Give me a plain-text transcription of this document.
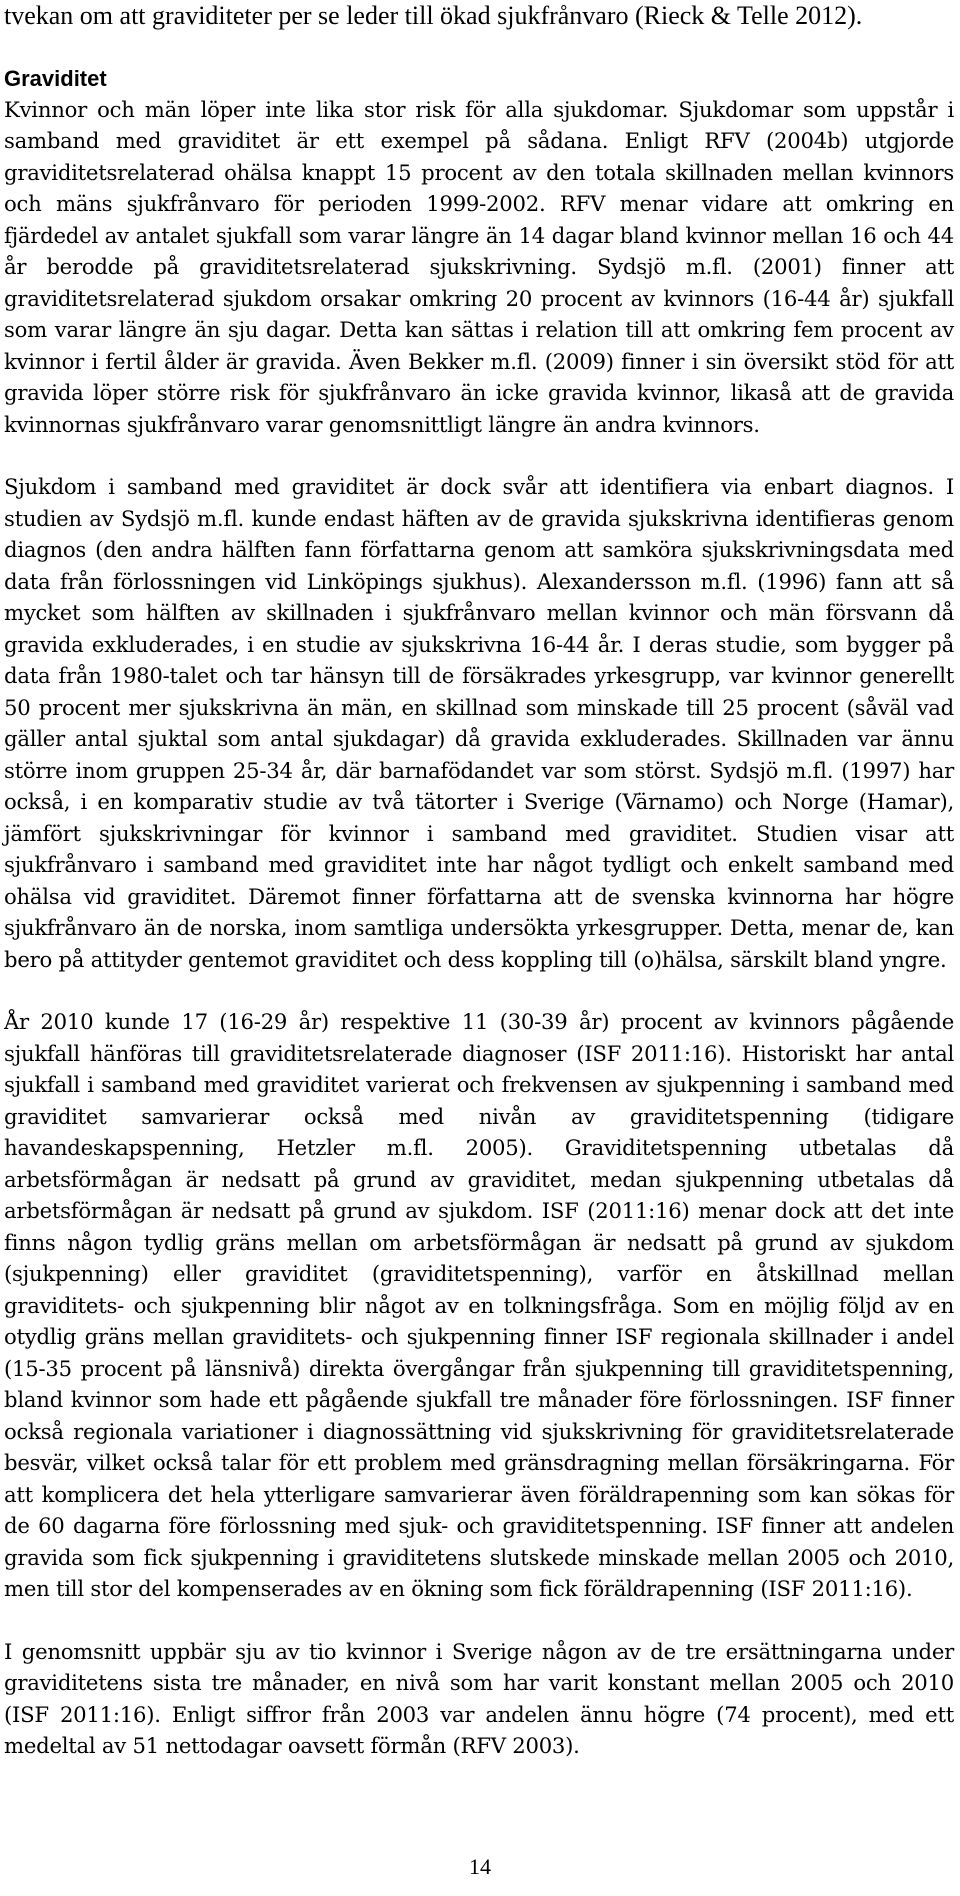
tvekan om att graviditeter per se leder till ökad sjukfrånvaro (Rieck & Telle 2012).

Graviditet

Kvinnor och män löper inte lika stor risk för alla sjukdomar. Sjukdomar som uppstår i samband med graviditet är ett exempel på sådana. Enligt RFV (2004b) utgjorde graviditetsrelaterad ohälsa knappt 15 procent av den totala skillnaden mellan kvinnors och mäns sjukfrånvaro för perioden 1999-2002. RFV menar vidare att omkring en fjärdedel av antalet sjukfall som varar längre än 14 dagar bland kvinnor mellan 16 och 44 år berodde på graviditetsrelaterad sjukskrivning. Sydsjö m.fl. (2001) finner att graviditetsrelaterad sjukdom orsakar omkring 20 procent av kvinnors (16-44 år) sjukfall som varar längre än sju dagar. Detta kan sättas i relation till att omkring fem procent av kvinnor i fertil ålder är gravida. Även Bekker m.fl. (2009) finner i sin översikt stöd för att gravida löper större risk för sjukfrånvaro än icke gravida kvinnor, likaså att de gravida kvinnornas sjukfrånvaro varar genomsnittligt längre än andra kvinnors.

Sjukdom i samband med graviditet är dock svår att identifiera via enbart diagnos. I studien av Sydsjö m.fl. kunde endast häften av de gravida sjukskrivna identifieras genom diagnos (den andra hälften fann författarna genom att samköra sjukskrivningsdata med data från förlossningen vid Linköpings sjukhus). Alexandersson m.fl. (1996) fann att så mycket som hälften av skillnaden i sjukfrånvaro mellan kvinnor och män försvann då gravida exkluderades, i en studie av sjukskrivna 16-44 år. I deras studie, som bygger på data från 1980-talet och tar hänsyn till de försäkrades yrkesgrupp, var kvinnor generellt 50 procent mer sjukskrivna än män, en skillnad som minskade till 25 procent (såväl vad gäller antal sjuktal som antal sjukdagar) då gravida exkluderades. Skillnaden var ännu större inom gruppen 25-34 år, där barnafödandet var som störst. Sydsjö m.fl. (1997) har också, i en komparativ studie av två tätorter i Sverige (Värnamo) och Norge (Hamar), jämfört sjukskrivningar för kvinnor i samband med graviditet. Studien visar att sjukfrånvaro i samband med graviditet inte har något tydligt och enkelt samband med ohälsa vid graviditet. Däremot finner författarna att de svenska kvinnorna har högre sjukfrånvaro än de norska, inom samtliga undersökta yrkesgrupper. Detta, menar de, kan bero på attityder gentemot graviditet och dess koppling till (o)hälsa, särskilt bland yngre.

År 2010 kunde 17 (16-29 år) respektive 11 (30-39 år) procent av kvinnors pågående sjukfall hänföras till graviditetsrelaterade diagnoser (ISF 2011:16). Historiskt har antal sjukfall i samband med graviditet varierat och frekvensen av sjukpenning i samband med graviditet samvarierar också med nivån av graviditetspenning (tidigare havandeskapspenning, Hetzler m.fl. 2005). Graviditetspenning utbetalas då arbetsförmågan är nedsatt på grund av graviditet, medan sjukpenning utbetalas då arbetsförmågan är nedsatt på grund av sjukdom. ISF (2011:16) menar dock att det inte finns någon tydlig gräns mellan om arbetsförmågan är nedsatt på grund av sjukdom (sjukpenning) eller graviditet (graviditetspenning), varför en åtskillnad mellan graviditets- och sjukpenning blir något av en tolkningsfråga. Som en möjlig följd av en otydlig gräns mellan graviditets- och sjukpenning finner ISF regionala skillnader i andel (15-35 procent på länsnivå) direkta övergångar från sjukpenning till graviditetspenning, bland kvinnor som hade ett pågående sjukfall tre månader före förlossningen. ISF finner också regionala variationer i diagnossättning vid sjukskrivning för graviditetsrelaterade besvär, vilket också talar för ett problem med gränsdragning mellan försäkringarna. För att komplicera det hela ytterligare samvarierar även föräldrapenning som kan sökas för de 60 dagarna före förlossning med sjuk- och graviditetspenning. ISF finner att andelen gravida som fick sjukpenning i graviditetens slutskede minskade mellan 2005 och 2010, men till stor del kompenserades av en ökning som fick föräldrapenning (ISF 2011:16).

I genomsnitt uppbär sju av tio kvinnor i Sverige någon av de tre ersättningarna under graviditetens sista tre månader, en nivå som har varit konstant mellan 2005 och 2010 (ISF 2011:16). Enligt siffror från 2003 var andelen ännu högre (74 procent), med ett medeltal av 51 nettodagar oavsett förmån (RFV 2003).

14
